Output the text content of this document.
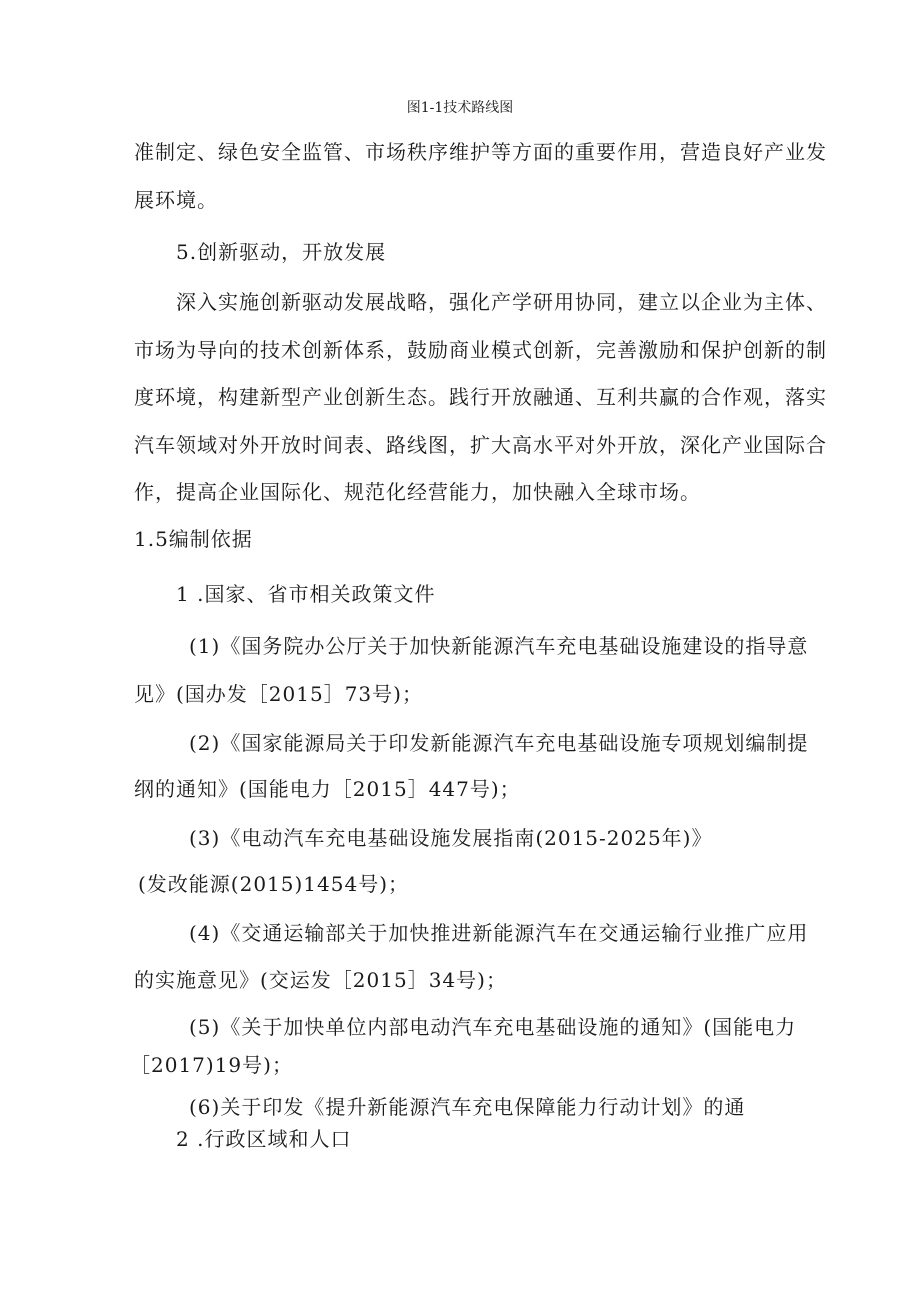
图1-1技术路线图
准制定、绿色安全监管、市场秩序维护等方面的重要作用，营造良好产业发
展环境。
5.创新驱动，开放发展
深入实施创新驱动发展战略，强化产学研用协同，建立以企业为主体、
市场为导向的技术创新体系，鼓励商业模式创新，完善激励和保护创新的制
度环境，构建新型产业创新生态。践行开放融通、互利共赢的合作观，落实
汽车领域对外开放时间表、路线图，扩大高水平对外开放，深化产业国际合
作，提高企业国际化、规范化经营能力，加快融入全球市场。
1.5编制依据
1 .国家、省市相关政策文件
(1)《国务院办公厅关于加快新能源汽车充电基础设施建设的指导意
见》(国办发［2015］73号)；
(2)《国家能源局关于印发新能源汽车充电基础设施专项规划编制提
纲的通知》(国能电力［2015］447号)；
(3)《电动汽车充电基础设施发展指南(2015-2025年)》
(发改能源(2015)1454号)；
(4)《交通运输部关于加快推进新能源汽车在交通运输行业推广应用
的实施意见》(交运发［2015］34号)；
(5)《关于加快单位内部电动汽车充电基础设施的通知》(国能电力
［2017)19号)；
(6)关于印发《提升新能源汽车充电保障能力行动计划》的通
2 .行政区域和人口
